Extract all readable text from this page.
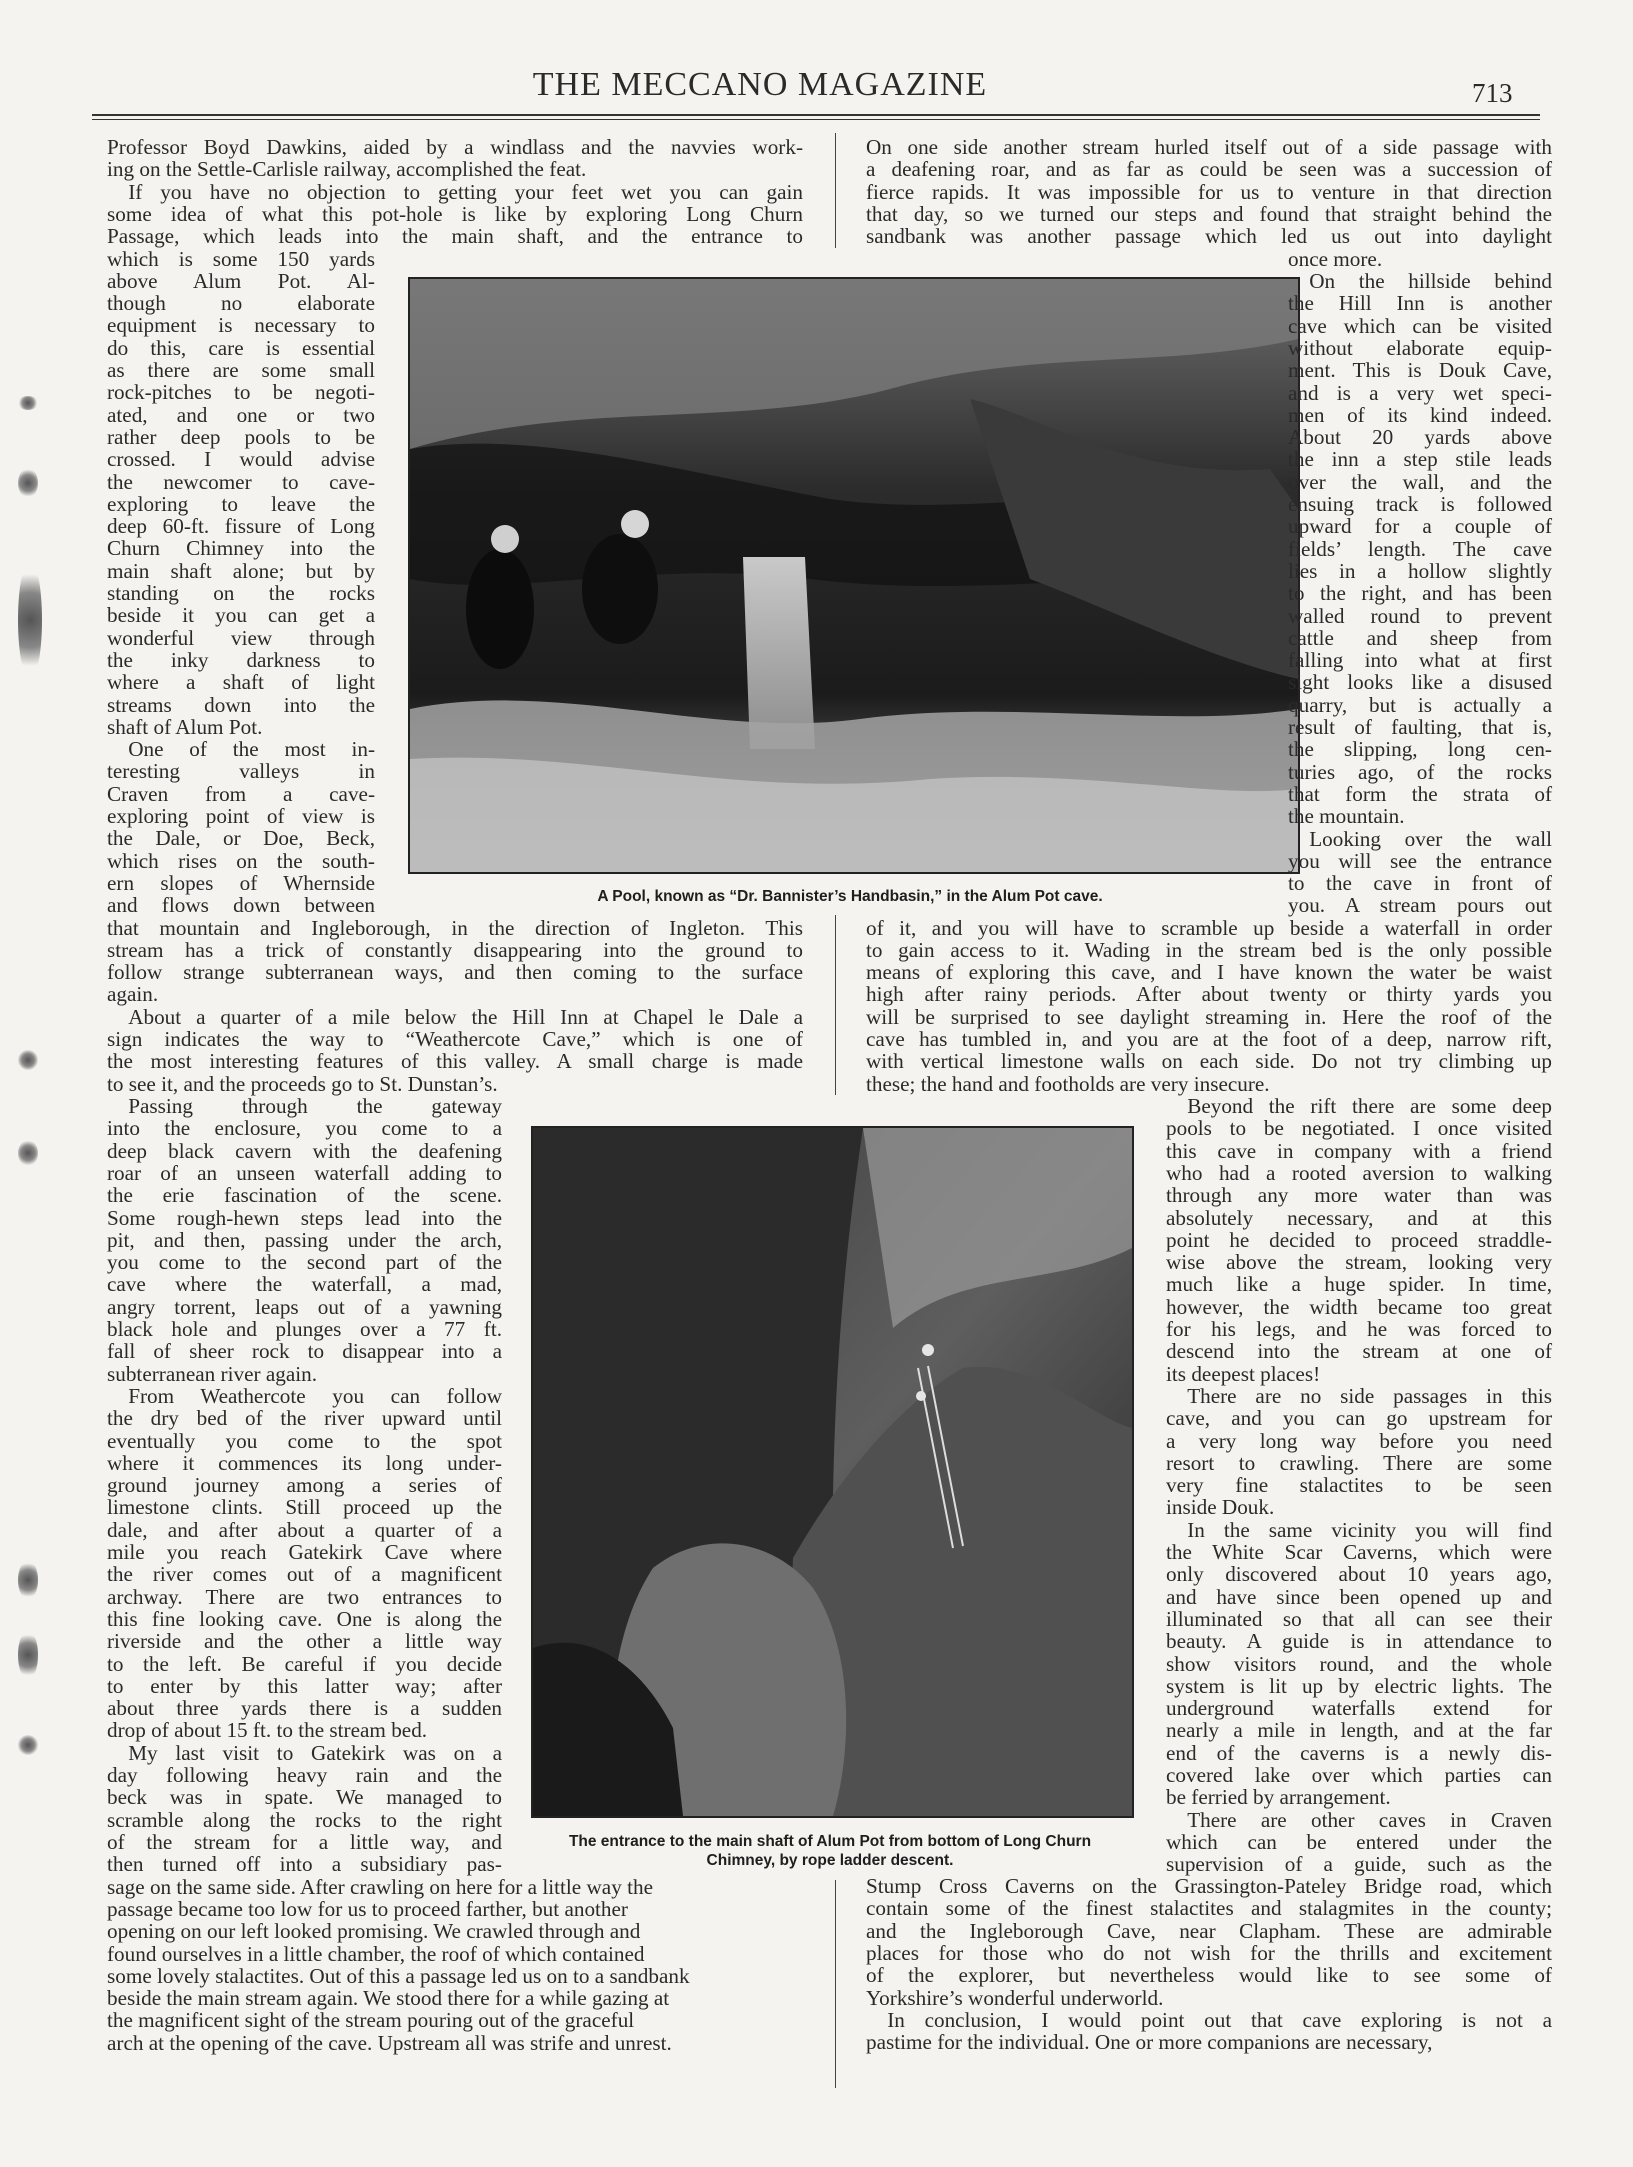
THE MECCANO MAGAZINE	713
A Pool, known as “Dr. Bannister’s Handbasin,” in the Alum Pot cave.
The entrance to the main shaft of Alum Pot from bottom of Long Churn
Chimney, by rope ladder descent.
Professor Boyd Dawkins, aided by a windlass and the navvies work-
ing on the Settle-Carlisle railway, accomplished the feat.
 If you have no objection to getting your feet wet you can gain
some idea of what this pot-hole is like by exploring Long Churn
Passage, which leads into the main shaft, and the entrance to
which is some 150 yards
above Alum Pot. Al-
though no elaborate
equipment is necessary to
do this, care is essential
as there are some small
rock-pitches to be negoti-
ated, and one or two
rather deep pools to be
crossed. I would advise
the newcomer to cave-
exploring to leave the
deep 60-ft. fissure of Long
Churn Chimney into the
main shaft alone; but by
standing on the rocks
beside it you can get a
wonderful view through
the inky darkness to
where a shaft of light
streams down into the
shaft of Alum Pot.
 One of the most in-
teresting valleys in
Craven from a cave-
exploring point of view is
the Dale, or Doe, Beck,
which rises on the south-
ern slopes of Whernside
and flows down between
that mountain and Ingleborough, in the direction of Ingleton. This
stream has a trick of constantly disappearing into the ground to
follow strange subterranean ways, and then coming to the surface
again.
 About a quarter of a mile below the Hill Inn at Chapel le Dale a
sign indicates the way to “Weathercote Cave,” which is one of
the most interesting features of this valley. A small charge is made
to see it, and the proceeds go to St. Dunstan’s.
 Passing through the gateway
into the enclosure, you come to a
deep black cavern with the deafening
roar of an unseen waterfall adding to
the erie fascination of the scene.
Some rough-hewn steps lead into the
pit, and then, passing under the arch,
you come to the second part of the
cave where the waterfall, a mad,
angry torrent, leaps out of a yawning
black hole and plunges over a 77 ft.
fall of sheer rock to disappear into a
subterranean river again.
 From Weathercote you can follow
the dry bed of the river upward until
eventually you come to the spot
where it commences its long under-
ground journey among a series of
limestone clints. Still proceed up the
dale, and after about a quarter of a
mile you reach Gatekirk Cave where
the river comes out of a magnificent
archway. There are two entrances to
this fine looking cave. One is along the
riverside and the other a little way
to the left. Be careful if you decide
to enter by this latter way; after
about three yards there is a sudden
drop of about 15 ft. to the stream bed.
 My last visit to Gatekirk was on a
day following heavy rain and the
beck was in spate. We managed to
scramble along the rocks to the right
of the stream for a little way, and
then turned off into a subsidiary pas-
sage on the same side. After crawling on here for a little way the
passage became too low for us to proceed farther, but another
opening on our left looked promising. We crawled through and
found ourselves in a little chamber, the roof of which contained
some lovely stalactites. Out of this a passage led us on to a sandbank
beside the main stream again. We stood there for a while gazing at
the magnificent sight of the stream pouring out of the graceful
arch at the opening of the cave. Upstream all was strife and unrest.
On one side another stream hurled itself out of a side passage with
a deafening roar, and as far as could be seen was a succession of
fierce rapids. It was impossible for us to venture in that direction
that day, so we turned our steps and found that straight behind the
sandbank was another passage which led us out into daylight
once more.
 On the hillside behind
the Hill Inn is another
cave which can be visited
without elaborate equip-
ment. This is Douk Cave,
and is a very wet speci-
men of its kind indeed.
About 20 yards above
the inn a step stile leads
over the wall, and the
ensuing track is followed
upward for a couple of
fields’ length. The cave
lies in a hollow slightly
to the right, and has been
walled round to prevent
cattle and sheep from
falling into what at first
sight looks like a disused
quarry, but is actually a
result of faulting, that is,
the slipping, long cen-
turies ago, of the rocks
that form the strata of
the mountain.
 Looking over the wall
you will see the entrance
to the cave in front of
you. A stream pours out
of it, and you will have to scramble up beside a waterfall in order
to gain access to it. Wading in the stream bed is the only possible
means of exploring this cave, and I have known the water be waist
high after rainy periods. After about twenty or thirty yards you
will be surprised to see daylight streaming in. Here the roof of the
cave has tumbled in, and you are at the foot of a deep, narrow rift,
with vertical limestone walls on each side. Do not try climbing up
these; the hand and footholds are very insecure.
 Beyond the rift there are some deep
pools to be negotiated. I once visited
this cave in company with a friend
who had a rooted aversion to walking
through any more water than was
absolutely necessary, and at this
point he decided to proceed straddle-
wise above the stream, looking very
much like a huge spider. In time,
however, the width became too great
for his legs, and he was forced to
descend into the stream at one of
its deepest places!
 There are no side passages in this
cave, and you can go upstream for
a very long way before you need
resort to crawling. There are some
very fine stalactites to be seen
inside Douk.
 In the same vicinity you will find
the White Scar Caverns, which were
only discovered about 10 years ago,
and have since been opened up and
illuminated so that all can see their
beauty. A guide is in attendance to
show visitors round, and the whole
system is lit up by electric lights. The
underground waterfalls extend for
nearly a mile in length, and at the far
end of the caverns is a newly dis-
covered lake over which parties can
be ferried by arrangement.
 There are other caves in Craven
which can be entered under the
supervision of a guide, such as the
Stump Cross Caverns on the Grassington-Pateley Bridge road, which
contain some of the finest stalactites and stalagmites in the county;
and the Ingleborough Cave, near Clapham. These are admirable
places for those who do not wish for the thrills and excitement
of the explorer, but nevertheless would like to see some of
Yorkshire’s wonderful underworld.
 In conclusion, I would point out that cave exploring is not a
pastime for the individual. One or more companions are necessary,
